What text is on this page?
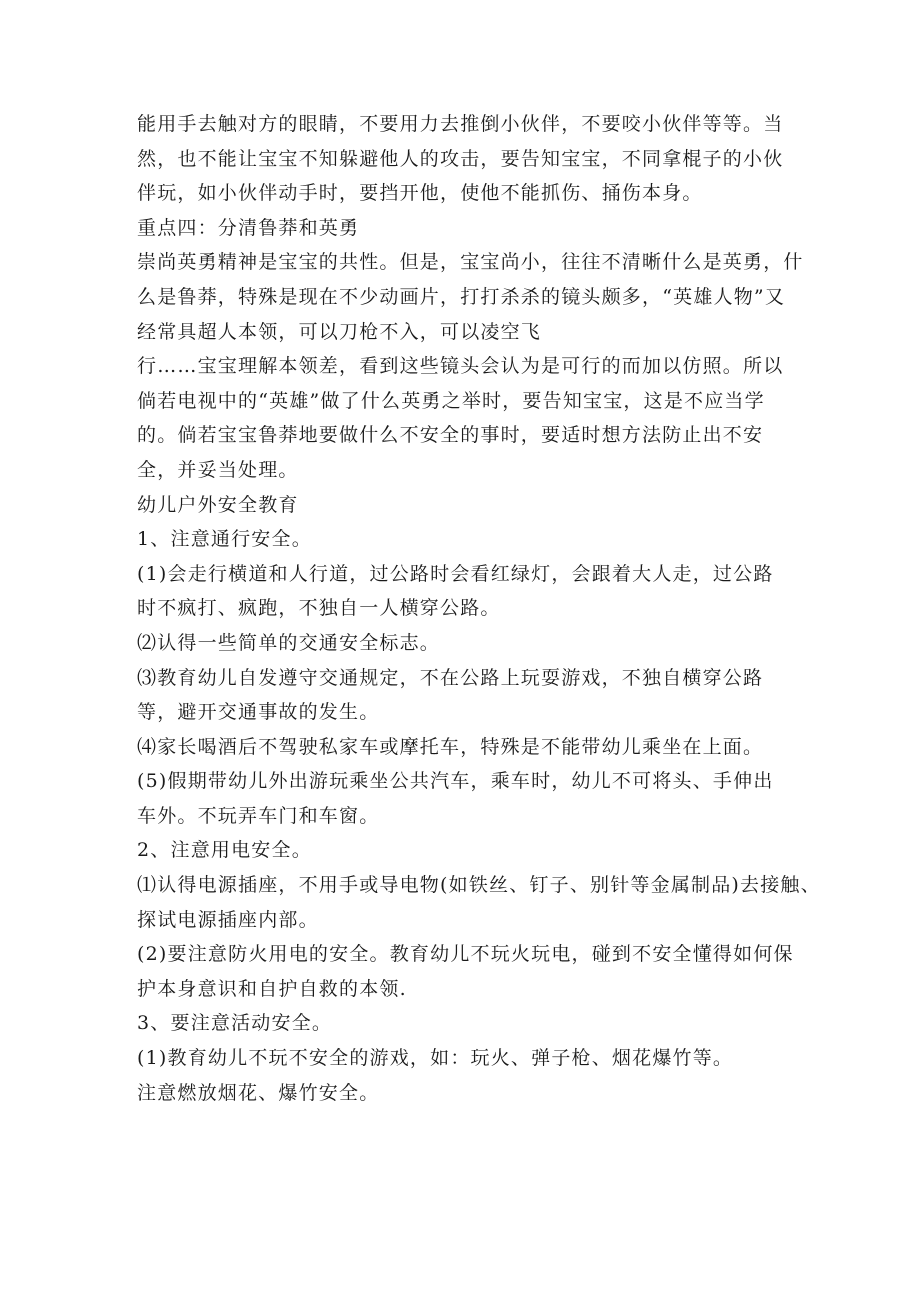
能用手去触对方的眼睛，不要用力去推倒小伙伴，不要咬小伙伴等等。当
然，也不能让宝宝不知躲避他人的攻击，要告知宝宝，不同拿棍子的小伙
伴玩，如小伙伴动手时，要挡开他，使他不能抓伤、捅伤本身。
重点四：分清鲁莽和英勇
崇尚英勇精神是宝宝的共性。但是，宝宝尚小，往往不清晰什么是英勇，什
么是鲁莽，特殊是现在不少动画片，打打杀杀的镜头颇多，“英雄人物”又
经常具超人本领，可以刀枪不入，可以凌空飞
行……宝宝理解本领差，看到这些镜头会认为是可行的而加以仿照。所以
倘若电视中的“英雄”做了什么英勇之举时，要告知宝宝，这是不应当学
的。倘若宝宝鲁莽地要做什么不安全的事时，要适时想方法防止出不安
全，并妥当处理。
幼儿户外安全教育
1、注意通行安全。
(1)会走行横道和人行道，过公路时会看红绿灯，会跟着大人走，过公路
时不疯打、疯跑，不独自一人横穿公路。
⑵认得一些简单的交通安全标志。
⑶教育幼儿自发遵守交通规定，不在公路上玩耍游戏，不独自横穿公路
等，避开交通事故的发生。
⑷家长喝酒后不驾驶私家车或摩托车，特殊是不能带幼儿乘坐在上面。
(5)假期带幼儿外出游玩乘坐公共汽车，乘车时，幼儿不可将头、手伸出
车外。不玩弄车门和车窗。
2、注意用电安全。
⑴认得电源插座，不用手或导电物(如铁丝、钉子、别针等金属制品)去接触、
探试电源插座内部。
(2)要注意防火用电的安全。教育幼儿不玩火玩电，碰到不安全懂得如何保
护本身意识和自护自救的本领.
3、要注意活动安全。
(1)教育幼儿不玩不安全的游戏，如：玩火、弹子枪、烟花爆竹等。
注意燃放烟花、爆竹安全。
